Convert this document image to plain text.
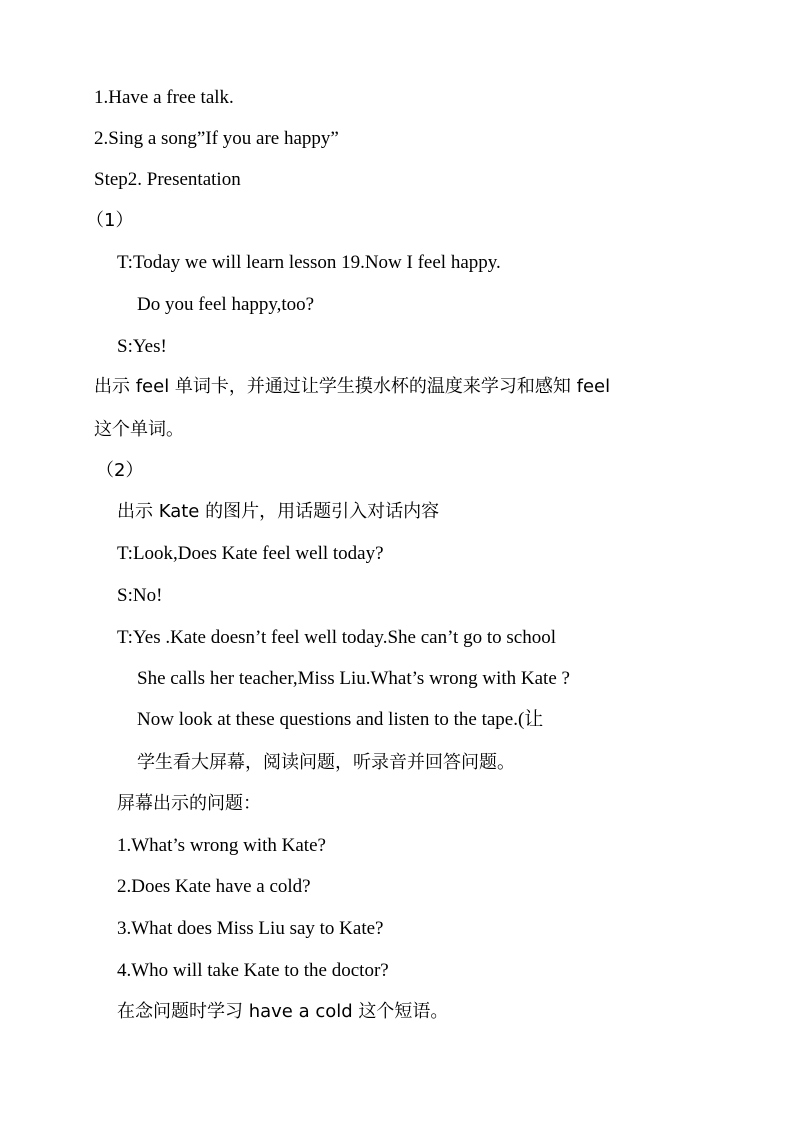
1.Have a free talk.
2.Sing a song”If you are happy”
Step2. Presentation
（1）
T:Today we will learn lesson 19.Now I feel happy.
Do you feel happy,too?
S:Yes!
出示 feel 单词卡，并通过让学生摸水杯的温度来学习和感知 feel
这个单词。
（2）
出示 Kate 的图片，用话题引入对话内容
T:Look,Does Kate feel well today?
S:No!
T:Yes .Kate doesn’t feel well today.She can’t go to school
She calls her teacher,Miss Liu.What’s wrong with Kate ?
Now look at these questions and listen to the tape.(让
学生看大屏幕，阅读问题，听录音并回答问题。
屏幕出示的问题：
1.What’s wrong with Kate?
2.Does Kate have a cold?
3.What does Miss Liu say to Kate?
4.Who will take Kate to the doctor?
在念问题时学习 have a cold 这个短语。
